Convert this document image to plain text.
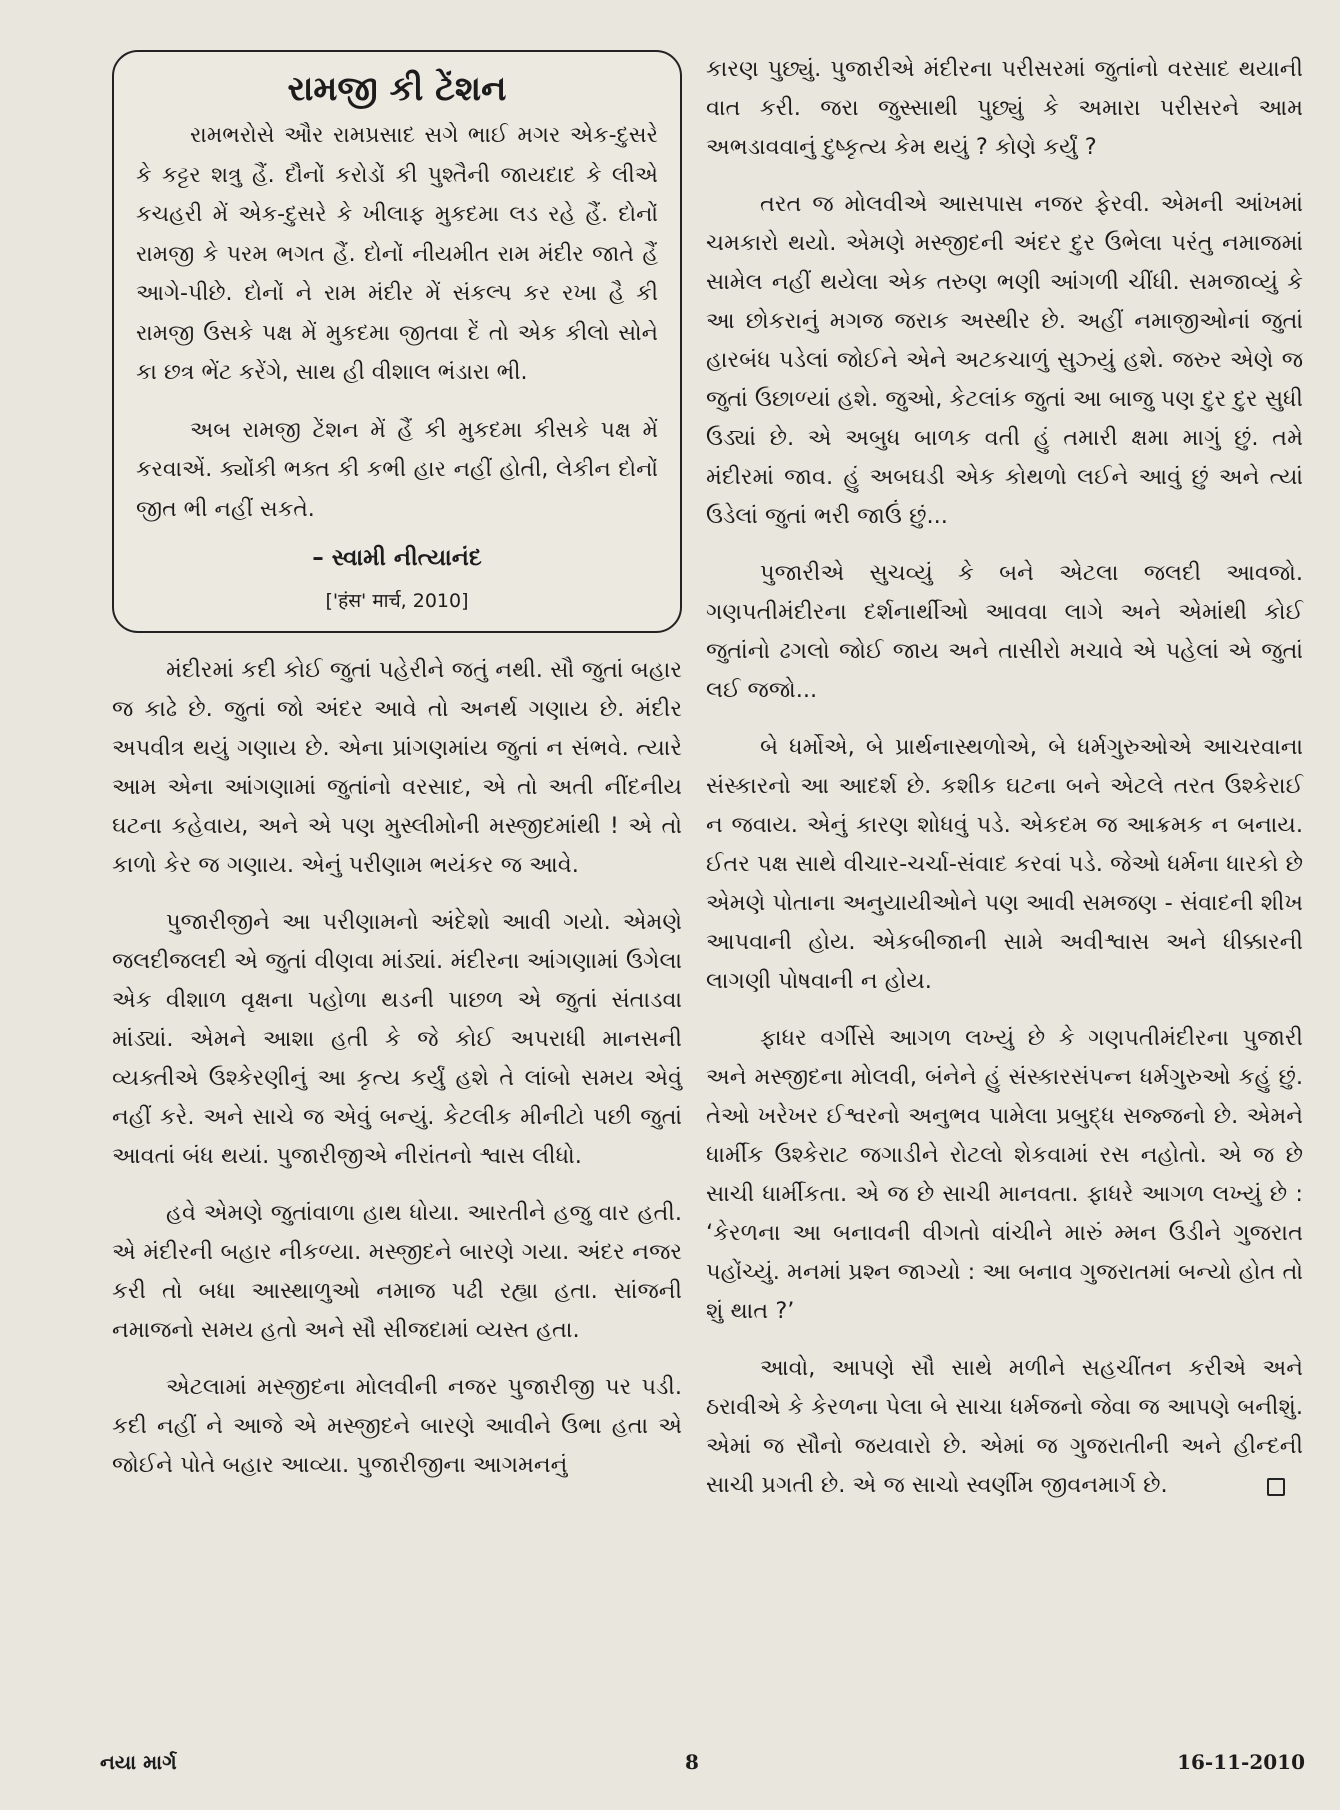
રામજી કી ટેંશન

રામભરોસે ઔર રામપ્રસાદ સગે ભાઈ મગર એક-દુસરે કે કટ્ટર શત્રુ હૈં. દૌનોં કરોડોં કી પુશ્તૈની જાયદાદ કે લીએ કચહરી મેં એક-દુસરે કે ખીલાફ મુકદમા લડ રહે હૈં. દોનોં રામજી કે પરમ ભગત હૈં. દોનોં નીયમીત રામ મંદીર જાતે હૈં આગે-પીછે. દોનોં ને રામ મંદીર મેં સંકલ્પ કર રખા હૈ કી રામજી ઉસકે પક્ષ મેં મુકદમા જીતવા દેં તો એક કીલો સોને કા છત્ર ભેંટ કરેંગે, સાથ હી વીશાલ ભંડારા ભી.

અબ રામજી ટેંશન મેં હૈં કી મુકદમા કીસકે પક્ષ મેં કરવાએં. ક્યોંકી ભક્ત કી કભી હાર નહીં હોતી, લેકીન દોનોં જીત ભી નહીં સકતે.

– સ્વામી નીત્યાનંદ
['हंस' मार्च, 2010]

મંદીરમાં કદી કોઈ જુતાં પહેરીને જતું નથી. સૌ જુતાં બહાર જ કાઢે છે. જુતાં જો અંદર આવે તો અનર્થ ગણાય છે. મંદીર અપવીત્ર થયું ગણાય છે. એના પ્રાંગણમાંય જુતાં ન સંભવે. ત્યારે આમ એના આંગણામાં જુતાંનો વરસાદ, એ તો અતી નીંદનીય ઘટના કહેવાય, અને એ પણ મુસ્લીમોની મસ્જીદમાંથી ! એ તો કાળો કેર જ ગણાય. એનું પરીણામ ભયંકર જ આવે.

પુજારીજીને આ પરીણામનો અંદેશો આવી ગયો. એમણે જલદીજલદી એ જુતાં વીણવા માંડ્યાં. મંદીરના આંગણામાં ઉગેલા એક વીશાળ વૃક્ષના પહોળા થડની પાછળ એ જુતાં સંતાડવા માંડ્યાં. એમને આશા હતી કે જે કોઈ અપરાધી માનસની વ્યક્તીએ ઉશ્કેરણીનું આ કૃત્ય કર્યું હશે તે લાંબો સમય એવું નહીં કરે. અને સાચે જ એવું બન્યું. કેટલીક મીનીટો પછી જુતાં આવતાં બંધ થયાં. પુજારીજીએ નીરાંતનો શ્વાસ લીધો.

હવે એમણે જુતાંવાળા હાથ ધોયા. આરતીને હજુ વાર હતી. એ મંદીરની બહાર નીકળ્યા. મસ્જીદને બારણે ગયા. અંદર નજર કરી તો બધા આસ્થાળુઓ નમાજ પઢી રહ્યા હતા. સાંજની નમાજનો સમય હતો અને સૌ સીજદામાં વ્યસ્ત હતા.

એટલામાં મસ્જીદના મોલવીની નજર પુજારીજી પર પડી. કદી નહીં ને આજે એ મસ્જીદને બારણે આવીને ઉભા હતા એ જોઈને પોતે બહાર આવ્યા. પુજારીજીના આગમનનું

કારણ પુછ્યું. પુજારીએ મંદીરના પરીસરમાં જુતાંનો વરસાદ થયાની વાત કરી. જરા જુસ્સાથી પુછ્યું કે અમારા પરીસરને આમ અભડાવવાનું દુષ્કૃત્ય કેમ થયું ? કોણે કર્યું ?

તરત જ મોલવીએ આસપાસ નજર ફેરવી. એમની આંખમાં ચમકારો થયો. એમણે મસ્જીદની અંદર દુર ઉભેલા પરંતુ નમાજમાં સામેલ નહીં થયેલા એક તરુણ ભણી આંગળી ચીંધી. સમજાવ્યું કે આ છોકરાનું મગજ જરાક અસ્થીર છે. અહીં નમાજીઓનાં જુતાં હારબંધ પડેલાં જોઈને એને અટકચાળું સુઝ્યું હશે. જરુર એણે જ જુતાં ઉછાળ્યાં હશે. જુઓ, કેટલાંક જુતાં આ બાજુ પણ દુર દુર સુધી ઉડ્યાં છે. એ અબુધ બાળક વતી હું તમારી ક્ષમા માગું છું. તમે મંદીરમાં જાવ. હું અબઘડી એક કોથળો લઈને આવું છું અને ત્યાં ઉડેલાં જુતાં ભરી જાઉં છું...

પુજારીએ સુચવ્યું કે બને એટલા જલદી આવજો. ગણપતીમંદીરના દર્શનાર્થીઓ આવવા લાગે અને એમાંથી કોઈ જુતાંનો ઢગલો જોઈ જાય અને તાસીરો મચાવે એ પહેલાં એ જુતાં લઈ જજો...

બે ધર્મોએ, બે પ્રાર્થનાસ્થળોએ, બે ધર્મગુરુઓએ આચરવાના સંસ્કારનો આ આદર્શ છે. કશીક ઘટના બને એટલે તરત ઉશ્કેરાઈ ન જવાય. એનું કારણ શોધવું પડે. એકદમ જ આક્રમક ન બનાય. ઈતર પક્ષ સાથે વીચાર-ચર્ચા-સંવાદ કરવાં પડે. જેઓ ધર્મના ધારકો છે એમણે પોતાના અનુયાયીઓને પણ આવી સમજણ - સંવાદની શીખ આપવાની હોય. એકબીજાની સામે અવીશ્વાસ અને ધીક્કારની લાગણી પોષવાની ન હોય.

ફાધર વર્ગીસે આગળ લખ્યું છે કે ગણપતીમંદીરના પુજારી અને મસ્જીદના મોલવી, બંનેને હું સંસ્કારસંપન્ન ધર્મગુરુઓ કહું છું. તેઓ ખરેખર ઈશ્વરનો અનુભવ પામેલા પ્રબુદ્ધ સજ્જનો છે. એમને ધાર્મીક ઉશ્કેરાટ જગાડીને રોટલો શેકવામાં રસ નહોતો. એ જ છે સાચી ધાર્મીકતા. એ જ છે સાચી માનવતા. ફાધરે આગળ લખ્યું છે : ‘કેરળના આ બનાવની વીગતો વાંચીને મારું મ્મન ઉડીને ગુજરાત પહોંચ્યું. મનમાં પ્રશ્ન જાગ્યો : આ બનાવ ગુજરાતમાં બન્યો હોત તો શું થાત ?’

આવો, આપણે સૌ સાથે મળીને સહચીંતન કરીએ અને ઠરાવીએ કે કેરળના પેલા બે સાચા ધર્મજનો જેવા જ આપણે બનીશું. એમાં જ સૌનો જયવારો છે. એમાં જ ગુજરાતીની અને હીન્દની સાચી પ્રગતી છે. એ જ સાચો સ્વર્ણીમ જીવનમાર્ગ છે.

નયા માર્ગ	8	16-11-2010
